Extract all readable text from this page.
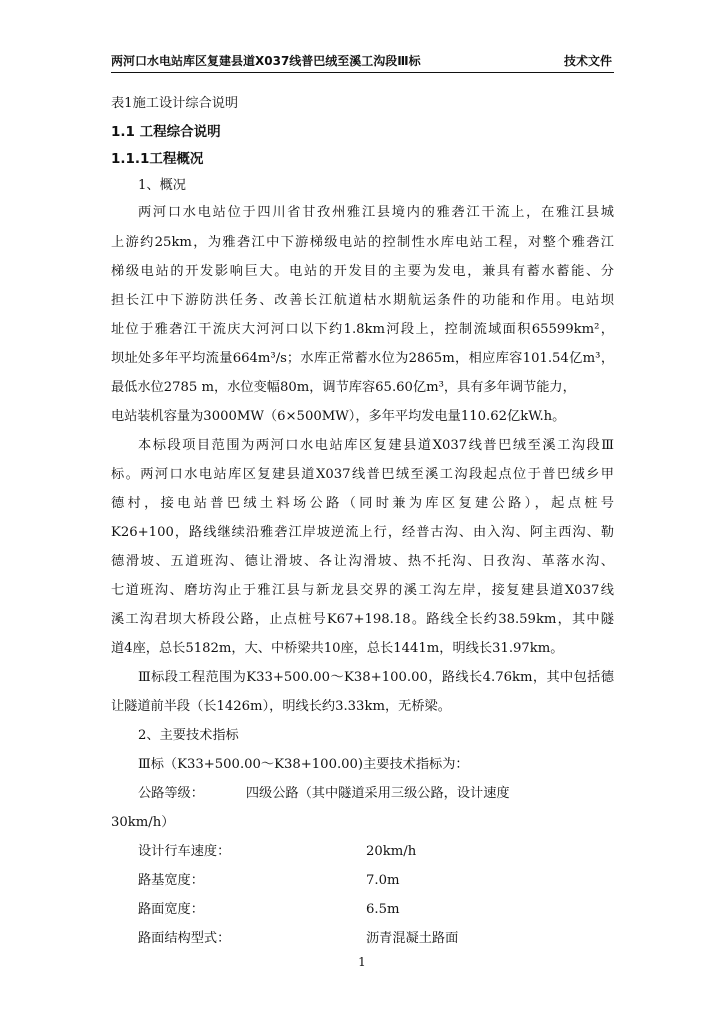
两河口水电站库区复建县道X037线普巴绒至溪工沟段Ⅲ标	技术文件
表1施工设计综合说明
1.1 工程综合说明
1.1.1工程概况
1、概况
两河口水电站位于四川省甘孜州雅江县境内的雅砻江干流上，在雅江县城
上游约25km，为雅砻江中下游梯级电站的控制性水库电站工程，对整个雅砻江
梯级电站的开发影响巨大。电站的开发目的主要为发电，兼具有蓄水蓄能、分
担长江中下游防洪任务、改善长江航道枯水期航运条件的功能和作用。电站坝
址位于雅砻江干流庆大河河口以下约1.8km河段上，控制流域面积65599km²，
坝址处多年平均流量664m³/s；水库正常蓄水位为2865m，相应库容101.54亿m³，
最低水位2785 m，水位变幅80m，调节库容65.60亿m³，具有多年调节能力，
电站装机容量为3000MW（6×500MW），多年平均发电量110.62亿kW.h。
本标段项目范围为两河口水电站库区复建县道X037线普巴绒至溪工沟段Ⅲ
标。两河口水电站库区复建县道X037线普巴绒至溪工沟段起点位于普巴绒乡甲
德村，接电站普巴绒土料场公路（同时兼为库区复建公路），起点桩号
K26+100，路线继续沿雅砻江岸坡逆流上行，经普古沟、由入沟、阿主西沟、勒
德滑坡、五道班沟、德让滑坡、各让沟滑坡、热不托沟、日孜沟、革落水沟、
七道班沟、磨坊沟止于雅江县与新龙县交界的溪工沟左岸，接复建县道X037线
溪工沟君坝大桥段公路，止点桩号K67+198.18。路线全长约38.59km，其中隧
道4座，总长5182m，大、中桥梁共10座，总长1441m，明线长31.97km。
Ⅲ标段工程范围为K33+500.00～K38+100.00，路线长4.76km，其中包括德
让隧道前半段（长1426m），明线长约3.33km，无桥梁。
2、主要技术指标
Ⅲ标（K33+500.00～K38+100.00)主要技术指标为：
公路等级：          四级公路（其中隧道采用三级公路，设计速度
30km/h）
设计行车速度：	20km/h
路基宽度：	7.0m
路面宽度：	6.5m
路面结构型式：	沥青混凝土路面
1
